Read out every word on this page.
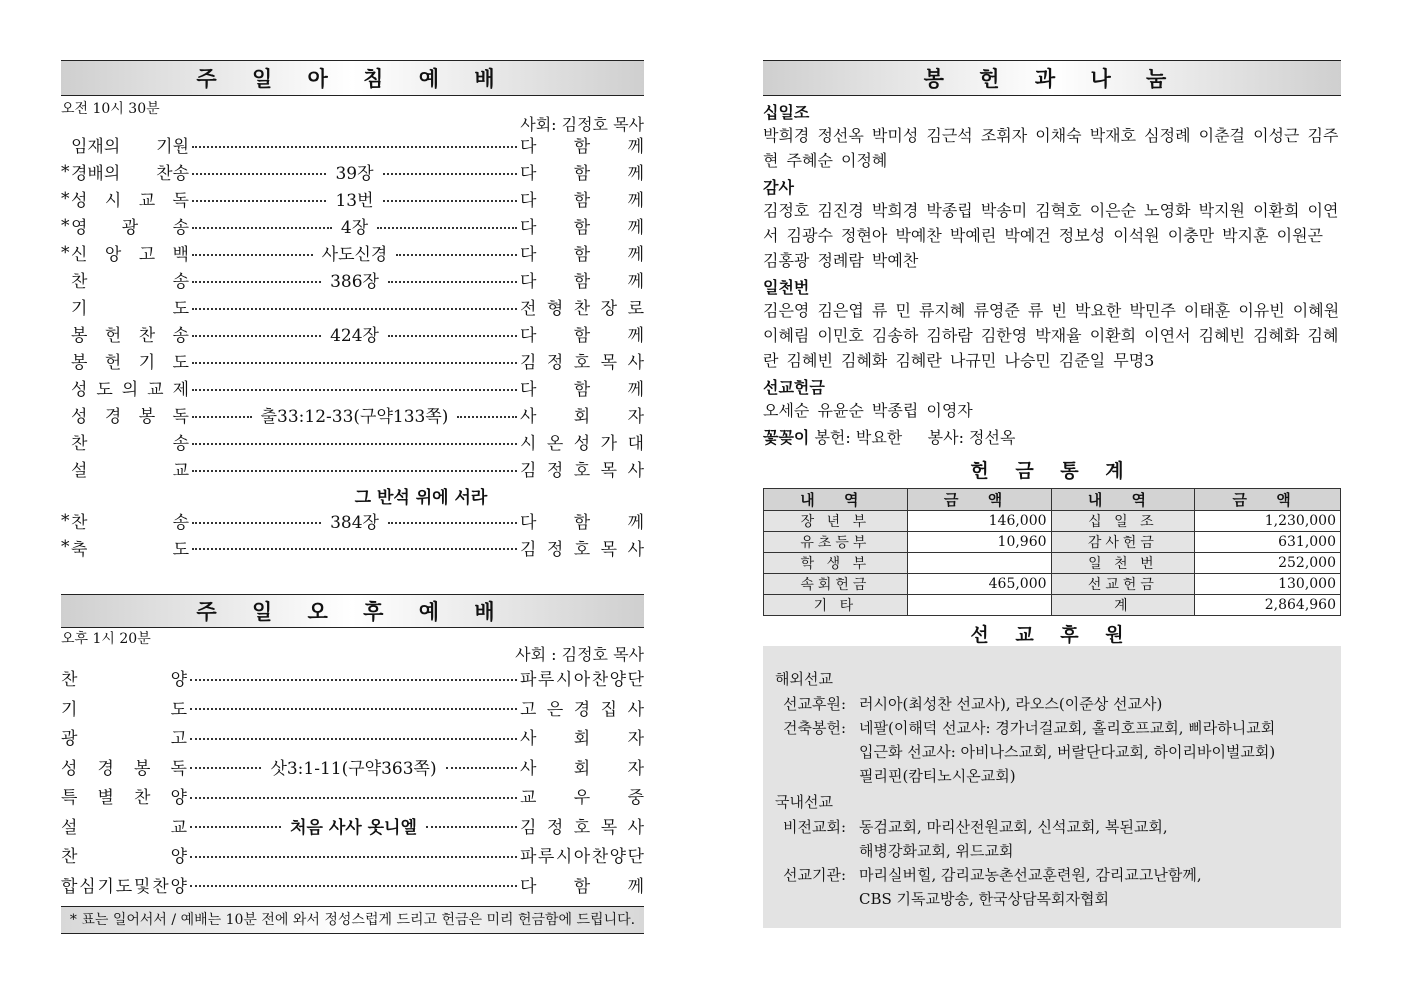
주 일 아 침 예 배
오전 10시 30분
사회: 김정호 목사
임재의 기원	다 함 께
* 경배의 찬송	39장	다 함 께
* 성 시 교 독	13번	다 함 께
* 영 광 송	4장	다 함 께
* 신 앙 고 백	사도신경	다 함 께
찬	송	386장	다 함 께
기	도	전 형 찬 장 로
봉 헌 찬 송	424장	다 함 께
봉 헌 기 도	김 정 호 목 사
성 도 의 교 제	다 함 께
성 경 봉 독	출33:12-33(구약133쪽)	사 회 자
찬	송	시 온 성 가 대
설	교	김 정 호 목 사
그 반석 위에 서라
* 찬	송	384장	다 함 께
* 축	도	김 정 호 목 사
주 일 오 후 예 배
오후 1시 20분
사회 : 김정호 목사
찬	양	파 루 시 아 찬 양 단
기	도	고 은 경 집 사
광	고	사 회 자
성 경 봉 독	삿3:1-11(구약363쪽)	사 회 자
특 별 찬 양	교 우 중
설	교	처음 사사 옷니엘	김 정 호 목 사
찬	양	파 루 시 아 찬 양 단
합 심 기 도 및 찬 양	다 함 께
* 표는 일어서서 / 예배는 10분 전에 와서 정성스럽게 드리고 헌금은 미리 헌금함에 드립니다.
봉 헌 과 나 눔
십일조
박희경 정선옥 박미성 김근석 조휘자 이채숙 박재호 심정례 이춘걸 이성근 김주현 주혜순 이정혜
감사
김정호 김진경 박희경 박종립 박송미 김혁호 이은순 노영화 박지원 이환희 이연서 김광수 정현아 박예찬 박예린 박예건 정보성 이석원 이충만 박지훈 이원곤 김홍광 정례람 박예찬
일천번
김은영 김은엽 류 민 류지혜 류영준 류 빈 박요한 박민주 이태훈 이유빈 이혜원 이혜림 이민호 김송하 김하람 김한영 박재율 이환희 이연서 김혜빈 김혜화 김혜란 김혜빈 김혜화 김혜란 나규민 나승민 김준일 무명3
선교헌금
오세순 유윤순 박종립 이영자
꽃꽂이 봉헌: 박요한     봉사: 정선옥
헌 금 통 계
내 역	금 액	내 역	금 액
장 년 부	146,000	십 일 조	1,230,000
유초등부	10,960	감사헌금	631,000
학 생 부		일 천 번	252,000
속회헌금	465,000	선교헌금	130,000
기 타		계	2,864,960
선 교 후 원
해외선교
선교후원: 러시아(최성찬 선교사), 라오스(이준상 선교사)
건축봉헌: 네팔(이해덕 선교사: 경가너걸교회, 홀리호프교회, 삐라하니교회
입근화 선교사: 아비나스교회, 버랄단다교회, 하이리바이벌교회)
필리핀(캄티노시온교회)
국내선교
비전교회: 동검교회, 마리산전원교회, 신석교회, 복된교회,
해병강화교회, 위드교회
선교기관: 마리실버힐, 감리교농촌선교훈련원, 감리교고난함께,
CBS 기독교방송, 한국상담목회자협회
